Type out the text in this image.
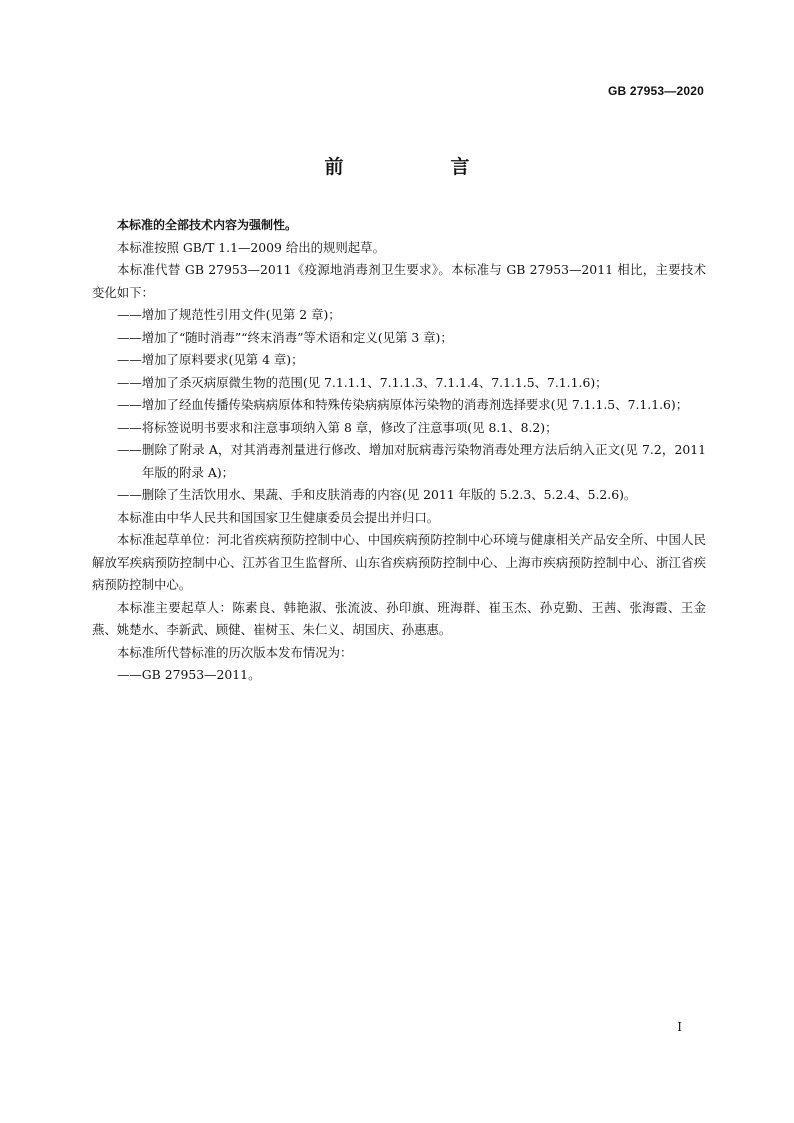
GB 27953—2020
前　言

本标准的全部技术内容为强制性。

本标准按照 GB/T 1.1—2009 给出的规则起草。

本标准代替 GB 27953—2011《疫源地消毒剂卫生要求》。本标准与 GB 27953—2011 相比，主要技术变化如下：

——增加了规范性引用文件(见第 2 章)；

——增加了“随时消毒”“终末消毒”等术语和定义(见第 3 章)；

——增加了原料要求(见第 4 章)；

——增加了杀灭病原微生物的范围(见 7.1.1.1、7.1.1.3、7.1.1.4、7.1.1.5、7.1.1.6)；

——增加了经血传播传染病病原体和特殊传染病病原体污染物的消毒剂选择要求(见 7.1.1.5、7.1.1.6)；

——将标签说明书要求和注意事项纳入第 8 章，修改了注意事项(见 8.1、8.2)；

——删除了附录 A，对其消毒剂量进行修改、增加对朊病毒污染物消毒处理方法后纳入正文(见 7.2，2011 年版的附录 A)；

——删除了生活饮用水、果蔬、手和皮肤消毒的内容(见 2011 年版的 5.2.3、5.2.4、5.2.6)。

本标准由中华人民共和国国家卫生健康委员会提出并归口。

本标准起草单位：河北省疾病预防控制中心、中国疾病预防控制中心环境与健康相关产品安全所、中国人民解放军疾病预防控制中心、江苏省卫生监督所、山东省疾病预防控制中心、上海市疾病预防控制中心、浙江省疾病预防控制中心。

本标准主要起草人：陈素良、韩艳淑、张流波、孙印旗、班海群、崔玉杰、孙克勤、王茜、张海霞、王金燕、姚楚水、李新武、顾健、崔树玉、朱仁义、胡国庆、孙惠惠。

本标准所代替标准的历次版本发布情况为：

——GB 27953—2011。

I
